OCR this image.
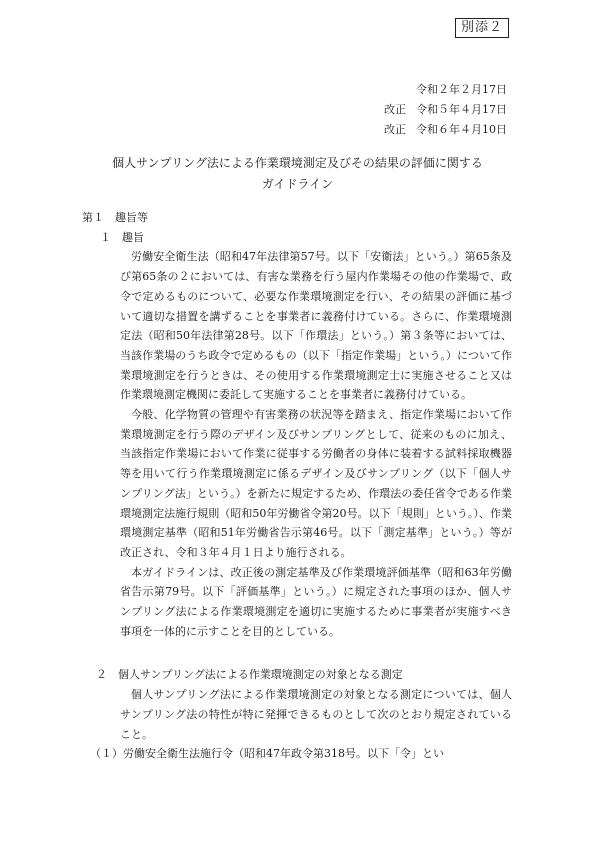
別添２
令和２年２月17日
改正 令和５年４月17日
改正 令和６年４月10日
個人サンプリング法による作業環境測定及びその結果の評価に関する
ガイドライン

第１　趣旨等

１　趣旨

労働安全衛生法（昭和47年法律第57号。以下「安衛法」という。）第65条及び第65条の２においては、有害な業務を行う屋内作業場その他の作業場で、政令で定めるものについて、必要な作業環境測定を行い、その結果の評価に基づいて適切な措置を講ずることを事業者に義務付けている。さらに、作業環境測定法（昭和50年法律第28号。以下「作環法」という。）第３条等においては、当該作業場のうち政令で定めるもの（以下「指定作業場」という。）について作業環境測定を行うときは、その使用する作業環境測定士に実施させること又は作業環境測定機関に委託して実施することを事業者に義務付けている。

今般、化学物質の管理や有害業務の状況等を踏まえ、指定作業場において作業環境測定を行う際のデザイン及びサンプリングとして、従来のものに加え、当該指定作業場において作業に従事する労働者の身体に装着する試料採取機器等を用いて行う作業環境測定に係るデザイン及びサンプリング（以下「個人サンプリング法」という。）を新たに規定するため、作環法の委任省令である作業環境測定法施行規則（昭和50年労働省令第20号。以下「規則」という。）、作業環境測定基準（昭和51年労働省告示第46号。以下「測定基準」という。）等が改正され、令和３年４月１日より施行される。

本ガイドラインは、改正後の測定基準及び作業環境評価基準（昭和63年労働省告示第79号。以下「評価基準」という。）に規定された事項のほか、個人サンプリング法による作業環境測定を適切に実施するために事業者が実施すべき事項を一体的に示すことを目的としている。

２　個人サンプリング法による作業環境測定の対象となる測定

個人サンプリング法による作業環境測定の対象となる測定については、個人サンプリング法の特性が特に発揮できるものとして次のとおり規定されていること。

（１）労働安全衛生法施行令（昭和47年政令第318号。以下「令」とい
